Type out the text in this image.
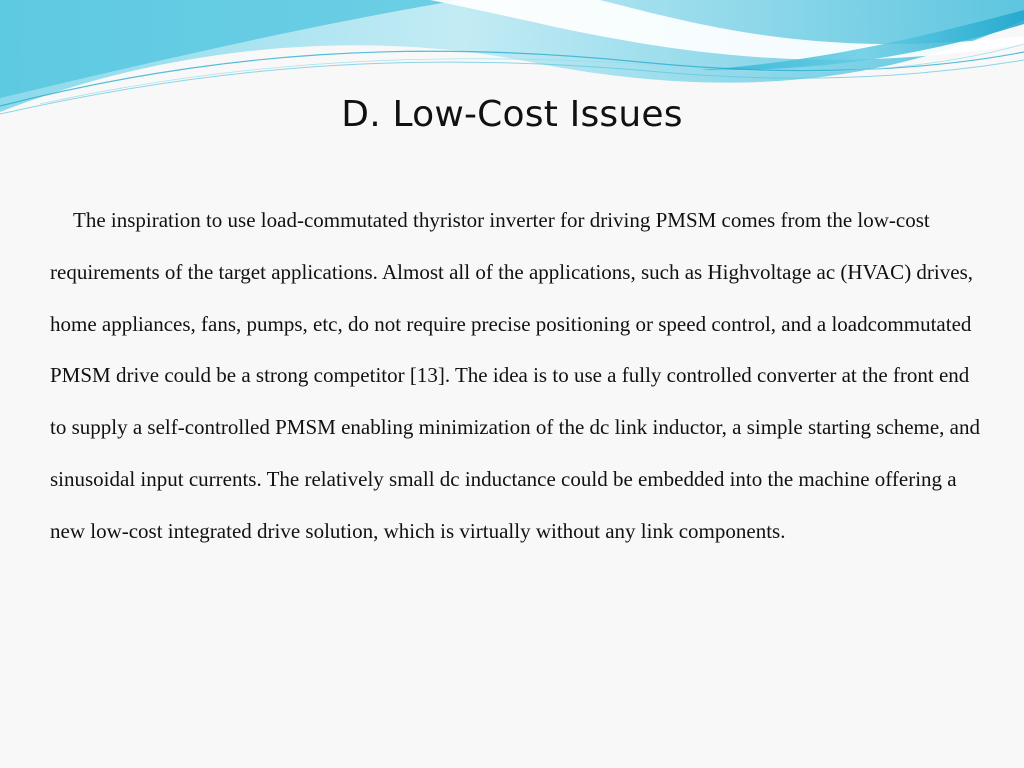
D. Low-Cost Issues

The inspiration to use load-commutated thyristor inverter for driving PMSM comes from the low-cost requirements of the target applications. Almost all of the applications, such as Highvoltage ac (HVAC) drives, home appliances, fans, pumps, etc, do not require precise positioning or speed control, and a loadcommutated PMSM drive could be a strong competitor [13]. The idea is to use a fully controlled converter at the front end to supply a self-controlled PMSM enabling minimization of the dc link inductor, a simple starting scheme, and sinusoidal input currents. The relatively small dc inductance could be embedded into the machine offering a new low-cost integrated drive solution, which is virtually without any link components.
